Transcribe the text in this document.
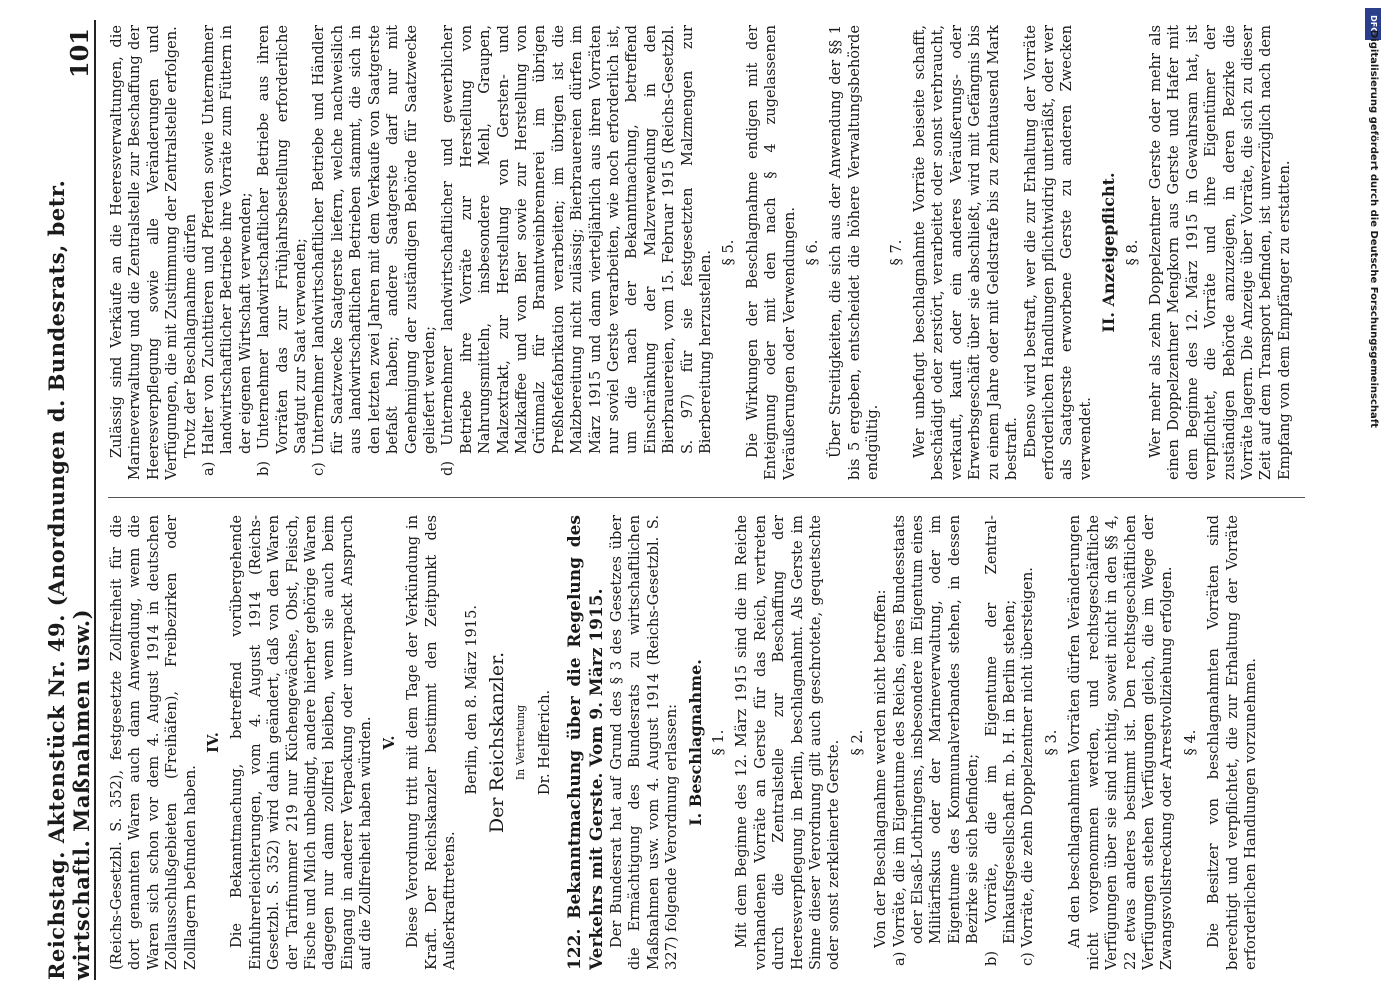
Reichstag. Aktenstück Nr. 49. (Anordnungen d. Bundesrats, betr. wirtschaftl. Maßnahmen usw.)
101

(Reichs-Gesetzbl. S. 352), festgesetzte Zollfreiheit für die dort genannten Waren auch dann Anwendung, wenn die Waren sich schon vor dem 4. August 1914 in deutschen Zollausschlußgebieten (Freihäfen), Freibezirken oder Zolllagern befunden haben.

IV. Die Bekanntmachung, betreffend vorübergehende Einfuhrerleichterungen, vom 4. August 1914 (Reichs-Gesetzbl. S. 352) wird dahin geändert, daß von den Waren der Tarifnummer 219 nur Küchengewächse, Obst, Fleisch, Fische und Milch unbedingt, andere hierher gehörige Waren dagegen nur dann zollfrei bleiben, wenn sie auch beim Eingang in anderer Verpackung oder unverpackt Anspruch auf die Zollfreiheit haben würden. V. Diese Verordnung tritt mit dem Tage der Verkündung in Kraft. Der Reichskanzler bestimmt den Zeitpunkt des Außerkrafttretens.

Berlin, den 8. März 1915. Der Reichskanzler. In Vertretung Dr. Helfferich. 122. Bekanntmachung über die Regelung des Verkehrs mit Gerste. Vom 9. März 1915. Der Bundesrat hat auf Grund des § 3 des Gesetzes über die Ermächtigung des Bundesrats zu wirtschaftlichen Maßnahmen usw. vom 4. August 1914 (Reichs-Gesetzbl. S. 327) folgende Verordnung erlassen: I. Beschlagnahme. § 1. Mit dem Beginne des 12. März 1915 sind die im Reiche vorhandenen Vorräte an Gerste für das Reich, vertreten durch die Zentralstelle zur Beschaffung der Heeresverpflegung in Berlin, beschlagnahmt. Als Gerste im Sinne dieser Verordnung gilt auch geschrotete, gequetschte oder sonst zerkleinerte Gerste. § 2. Von der Beschlagnahme werden nicht betroffen: a) Vorräte, die im Eigentume des Reichs, eines Bundesstaats oder Elsaß-Lothringens, insbesondere im Eigentum eines Militärfiskus oder der Marineverwaltung, oder im Eigentume des Kommunalverbandes stehen, in dessen Bezirke sie sich befinden; b) Vorräte, die im Eigentume der Zentral-Einkaufsgesellschaft m. b. H. in Berlin stehen; c) Vorräte, die zehn Doppelzentner nicht übersteigen. § 3. An den beschlagnahmten Vorräten dürfen Veränderungen nicht vorgenommen werden, und rechtsgeschäftliche Verfügungen über sie sind nichtig, soweit nicht in den §§ 4, 22 etwas anderes bestimmt ist. Den rechtsgeschäftlichen Verfügungen stehen Verfügungen gleich, die im Wege der Zwangsvollstreckung oder Arrestvollziehung erfolgen. § 4. Die Besitzer von beschlagnahmten Vorräten sind berechtigt und verpflichtet, die zur Erhaltung der Vorräte erforderlichen Handlungen vorzunehmen.

Zulässig sind Verkäufe an die Heeresverwaltungen, die Marineverwaltung und die Zentralstelle zur Beschaffung der Heeresverpflegung sowie alle Veränderungen und Verfügungen, die mit Zustimmung der Zentralstelle erfolgen. Trotz der Beschlagnahme dürfen a) Halter von Zuchttieren und Pferden sowie Unternehmer landwirtschaftlicher Betriebe ihre Vorräte zum Füttern in der eigenen Wirtschaft verwenden; b) Unternehmer landwirtschaftlicher Betriebe aus ihren Vorräten das zur Frühjahrsbestellung erforderliche Saatgut zur Saat verwenden; c) Unternehmer landwirtschaftlicher Betriebe und Händler für Saatzwecke Saatgerste liefern, welche nachweislich aus landwirtschaftlichen Betrieben stammt, die sich in den letzten zwei Jahren mit dem Verkaufe von Saatgerste befaßt haben; andere Saatgerste darf nur mit Genehmigung der zuständigen Behörde für Saatzwecke geliefert werden; d) Unternehmer landwirtschaftlicher und gewerblicher Betriebe ihre Vorräte zur Herstellung von Nahrungsmitteln, insbesondere Mehl, Graupen, Malzextrakt, zur Herstellung von Gersten- und Malzkaffee und von Bier sowie zur Herstellung von Grünmalz für Branntweinbrennerei im übrigen Preßhefefabrikation verarbeiten; im übrigen ist die Malzbereitung nicht zulässig; Bierbrauereien dürfen im März 1915 und dann vierteljährlich aus ihren Vorräten nur soviel Gerste verarbeiten, wie noch erforderlich ist, um die nach der Bekanntmachung, betreffend Einschränkung der Malzverwendung in den Bierbrauereien, vom 15. Februar 1915 (Reichs-Gesetzbl. S. 97) für sie festgesetzten Malzmengen zur Bierbereitung herzustellen. § 5. Die Wirkungen der Beschlagnahme endigen mit der Enteignung oder mit den nach § 4 zugelassenen Veräußerungen oder Verwendungen. § 6. Über Streitigkeiten, die sich aus der Anwendung der §§ 1 bis 5 ergeben, entscheidet die höhere Verwaltungsbehörde endgültig.

§ 7. Wer unbefugt beschlagnahmte Vorräte beiseite schafft, beschädigt oder zerstört, verarbeitet oder sonst verbraucht, verkauft, kauft oder ein anderes Veräußerungs- oder Erwerbsgeschäft über sie abschließt, wird mit Gefängnis bis zu einem Jahre oder mit Geldstrafe bis zu zehntausend Mark bestraft. Ebenso wird bestraft, wer die zur Erhaltung der Vorräte erforderlichen Handlungen pflichtwidrig unterläßt, oder wer als Saatgerste erworbene Gerste zu anderen Zwecken verwendet.

II. Anzeigepflicht. § 8. Wer mehr als zehn Doppelzentner Gerste oder mehr als einen Doppelzentner Mengkorn aus Gerste und Hafer mit dem Beginne des 12. März 1915 in Gewahrsam hat, ist verpflichtet, die Vorräte und ihre Eigentümer der zuständigen Behörde anzuzeigen, in deren Bezirke die Vorräte lagern. Die Anzeige über Vorräte, die sich zu dieser Zeit auf dem Transport befinden, ist unverzüglich nach dem Empfang von dem Empfänger zu erstatten.

DFG
Digitalisierung gefördert durch die Deutsche Forschungsgemeinschaft
